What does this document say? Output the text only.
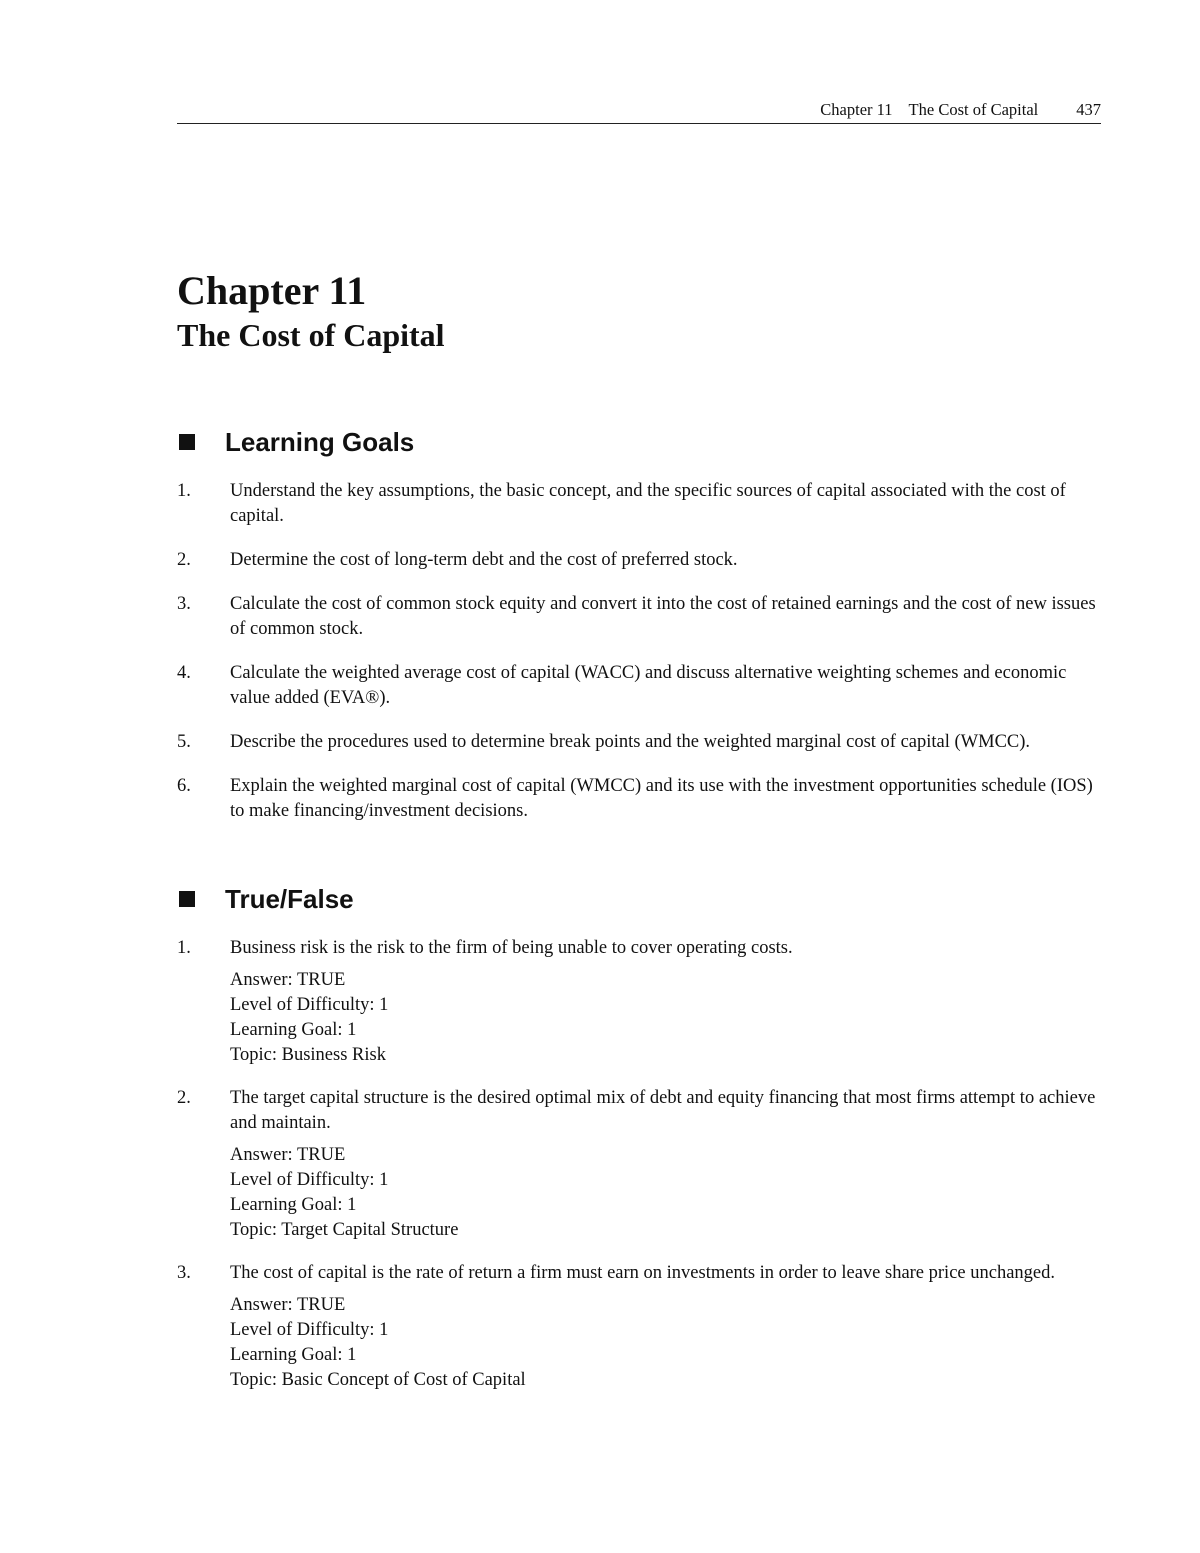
Chapter 11 The Cost of Capital 437
Chapter 11
The Cost of Capital
Learning Goals
1. Understand the key assumptions, the basic concept, and the specific sources of capital associated with the cost of capital.
2. Determine the cost of long-term debt and the cost of preferred stock.
3. Calculate the cost of common stock equity and convert it into the cost of retained earnings and the cost of new issues of common stock.
4. Calculate the weighted average cost of capital (WACC) and discuss alternative weighting schemes and economic value added (EVA®).
5. Describe the procedures used to determine break points and the weighted marginal cost of capital (WMCC).
6. Explain the weighted marginal cost of capital (WMCC) and its use with the investment opportunities schedule (IOS) to make financing/investment decisions.
True/False
1. Business risk is the risk to the firm of being unable to cover operating costs.
Answer: TRUE
Level of Difficulty: 1
Learning Goal: 1
Topic: Business Risk
2. The target capital structure is the desired optimal mix of debt and equity financing that most firms attempt to achieve and maintain.
Answer: TRUE
Level of Difficulty: 1
Learning Goal: 1
Topic: Target Capital Structure
3. The cost of capital is the rate of return a firm must earn on investments in order to leave share price unchanged.
Answer: TRUE
Level of Difficulty: 1
Learning Goal: 1
Topic: Basic Concept of Cost of Capital
